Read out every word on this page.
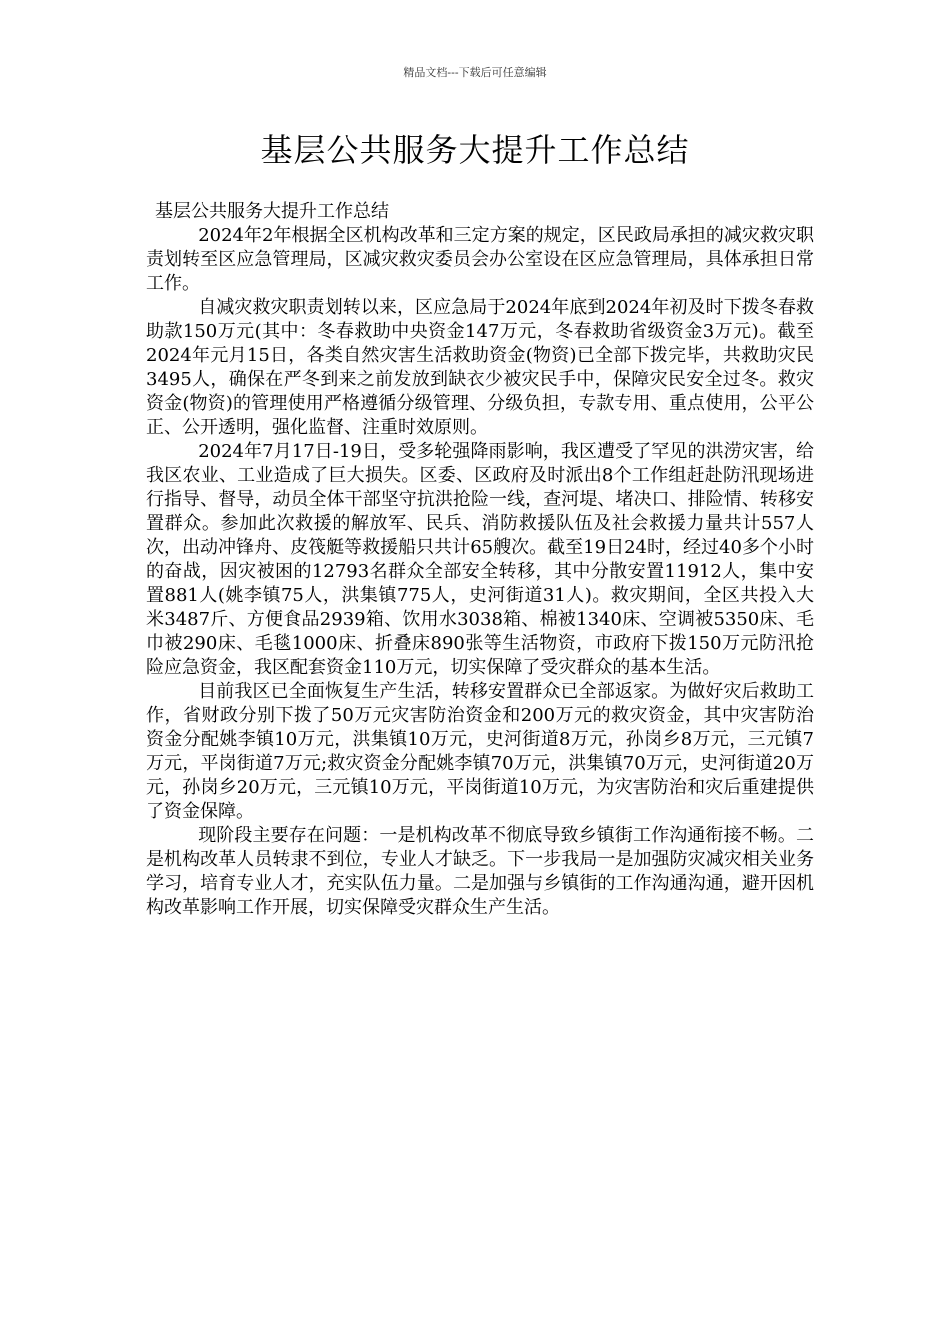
精品文档---下载后可任意编辑
基层公共服务大提升工作总结

基层公共服务大提升工作总结

2024年2年根据全区机构改革和三定方案的规定，区民政局承担的减灾救灾职责划转至区应急管理局，区减灾救灾委员会办公室设在区应急管理局，具体承担日常工作。

自减灾救灾职责划转以来，区应急局于2024年底到2024年初及时下拨冬春救助款150万元(其中：冬春救助中央资金147万元，冬春救助省级资金3万元)。截至2024年元月15日，各类自然灾害生活救助资金(物资)已全部下拨完毕，共救助灾民3495人，确保在严冬到来之前发放到缺衣少被灾民手中，保障灾民安全过冬。救灾资金(物资)的管理使用严格遵循分级管理、分级负担，专款专用、重点使用，公平公正、公开透明，强化监督、注重时效原则。

2024年7月17日-19日，受多轮强降雨影响，我区遭受了罕见的洪涝灾害，给我区农业、工业造成了巨大损失。区委、区政府及时派出8个工作组赶赴防汛现场进行指导、督导，动员全体干部坚守抗洪抢险一线，查河堤、堵决口、排险情、转移安置群众。参加此次救援的解放军、民兵、消防救援队伍及社会救援力量共计557人次，出动冲锋舟、皮筏艇等救援船只共计65艘次。截至19日24时，经过40多个小时的奋战，因灾被困的12793名群众全部安全转移，其中分散安置11912人，集中安置881人(姚李镇75人，洪集镇775人，史河街道31人)。救灾期间，全区共投入大米3487斤、方便食品2939箱、饮用水3038箱、棉被1340床、空调被5350床、毛巾被290床、毛毯1000床、折叠床890张等生活物资，市政府下拨150万元防汛抢险应急资金，我区配套资金110万元，切实保障了受灾群众的基本生活。

目前我区已全面恢复生产生活，转移安置群众已全部返家。为做好灾后救助工作，省财政分别下拨了50万元灾害防治资金和200万元的救灾资金，其中灾害防治资金分配姚李镇10万元，洪集镇10万元，史河街道8万元，孙岗乡8万元，三元镇7万元，平岗街道7万元;救灾资金分配姚李镇70万元，洪集镇70万元，史河街道20万元，孙岗乡20万元，三元镇10万元，平岗街道10万元，为灾害防治和灾后重建提供了资金保障。

现阶段主要存在问题：一是机构改革不彻底导致乡镇街工作沟通衔接不畅。二是机构改革人员转隶不到位，专业人才缺乏。下一步我局一是加强防灾减灾相关业务学习，培育专业人才，充实队伍力量。二是加强与乡镇街的工作沟通沟通，避开因机构改革影响工作开展，切实保障受灾群众生产生活。
